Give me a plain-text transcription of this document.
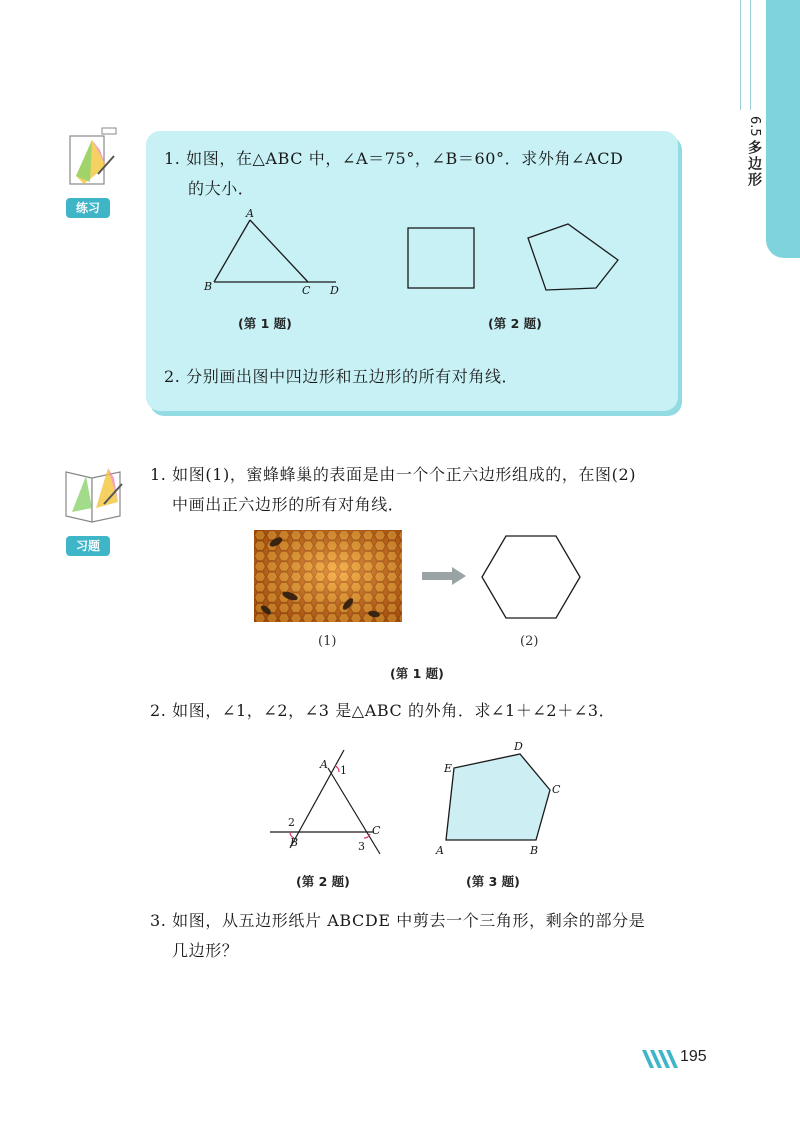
6.5
多边形
练习
1. 如图，在△ABC 中，∠A＝75°，∠B＝60°．求外角∠ACD
的大小．
A
B	C D
(第 1 题)	(第 2 题)
2. 分别画出图中四边形和五边形的所有对角线．
习题
1. 如图(1)，蜜蜂蜂巢的表面是由一个个正六边形组成的，在图(2)
中画出正六边形的所有对角线．
(1)	(2)
(第 1 题)
2. 如图，∠1，∠2，∠3 是△ABC 的外角．求∠1＋∠2＋∠3．
A 1
2
B
C
3
(第 2 题)
A	B
C
D
E
(第 3 题)
3. 如图，从五边形纸片 ABCDE 中剪去一个三角形，剩余的部分是
几边形？
195
